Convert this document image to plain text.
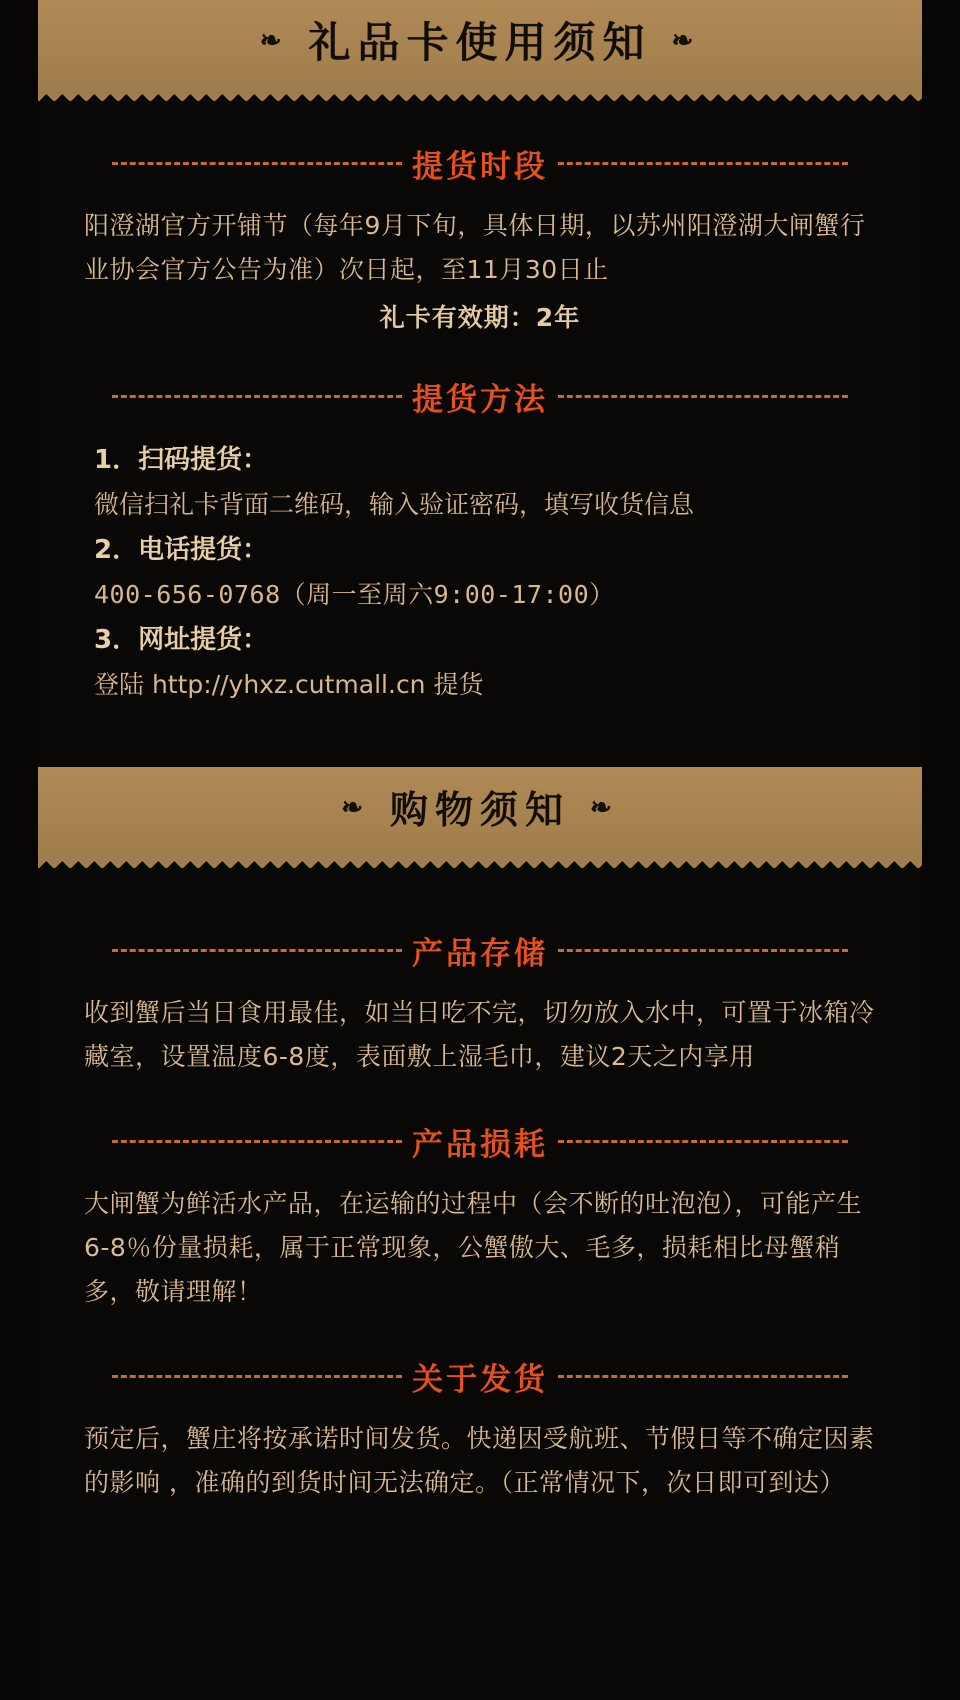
❧ 礼品卡使用须知 ❧
提货时段
阳澄湖官方开铺节（每年9月下旬，具体日期，以苏州阳澄湖大闸蟹行业协会官方公告为准）次日起，至11月30日止
礼卡有效期：2年
提货方法
1．扫码提货：
微信扫礼卡背面二维码，输入验证密码，填写收货信息
2．电话提货：
400-656-0768（周一至周六9:00-17:00）
3．网址提货：
登陆 http://yhxz.cutmall.cn 提货
❧ 购物须知 ❧
产品存储
收到蟹后当日食用最佳，如当日吃不完，切勿放入水中，可置于冰箱冷藏室，设置温度6-8度，表面敷上湿毛巾，建议2天之内享用
产品损耗
大闸蟹为鲜活水产品，在运输的过程中（会不断的吐泡泡），可能产生6-8％份量损耗，属于正常现象，公蟹傲大、毛多，损耗相比母蟹稍多，敬请理解！
关于发货
预定后，蟹庄将按承诺时间发货。快递因受航班、节假日等不确定因素的影响 ，准确的到货时间无法确定。（正常情况下，次日即可到达）
